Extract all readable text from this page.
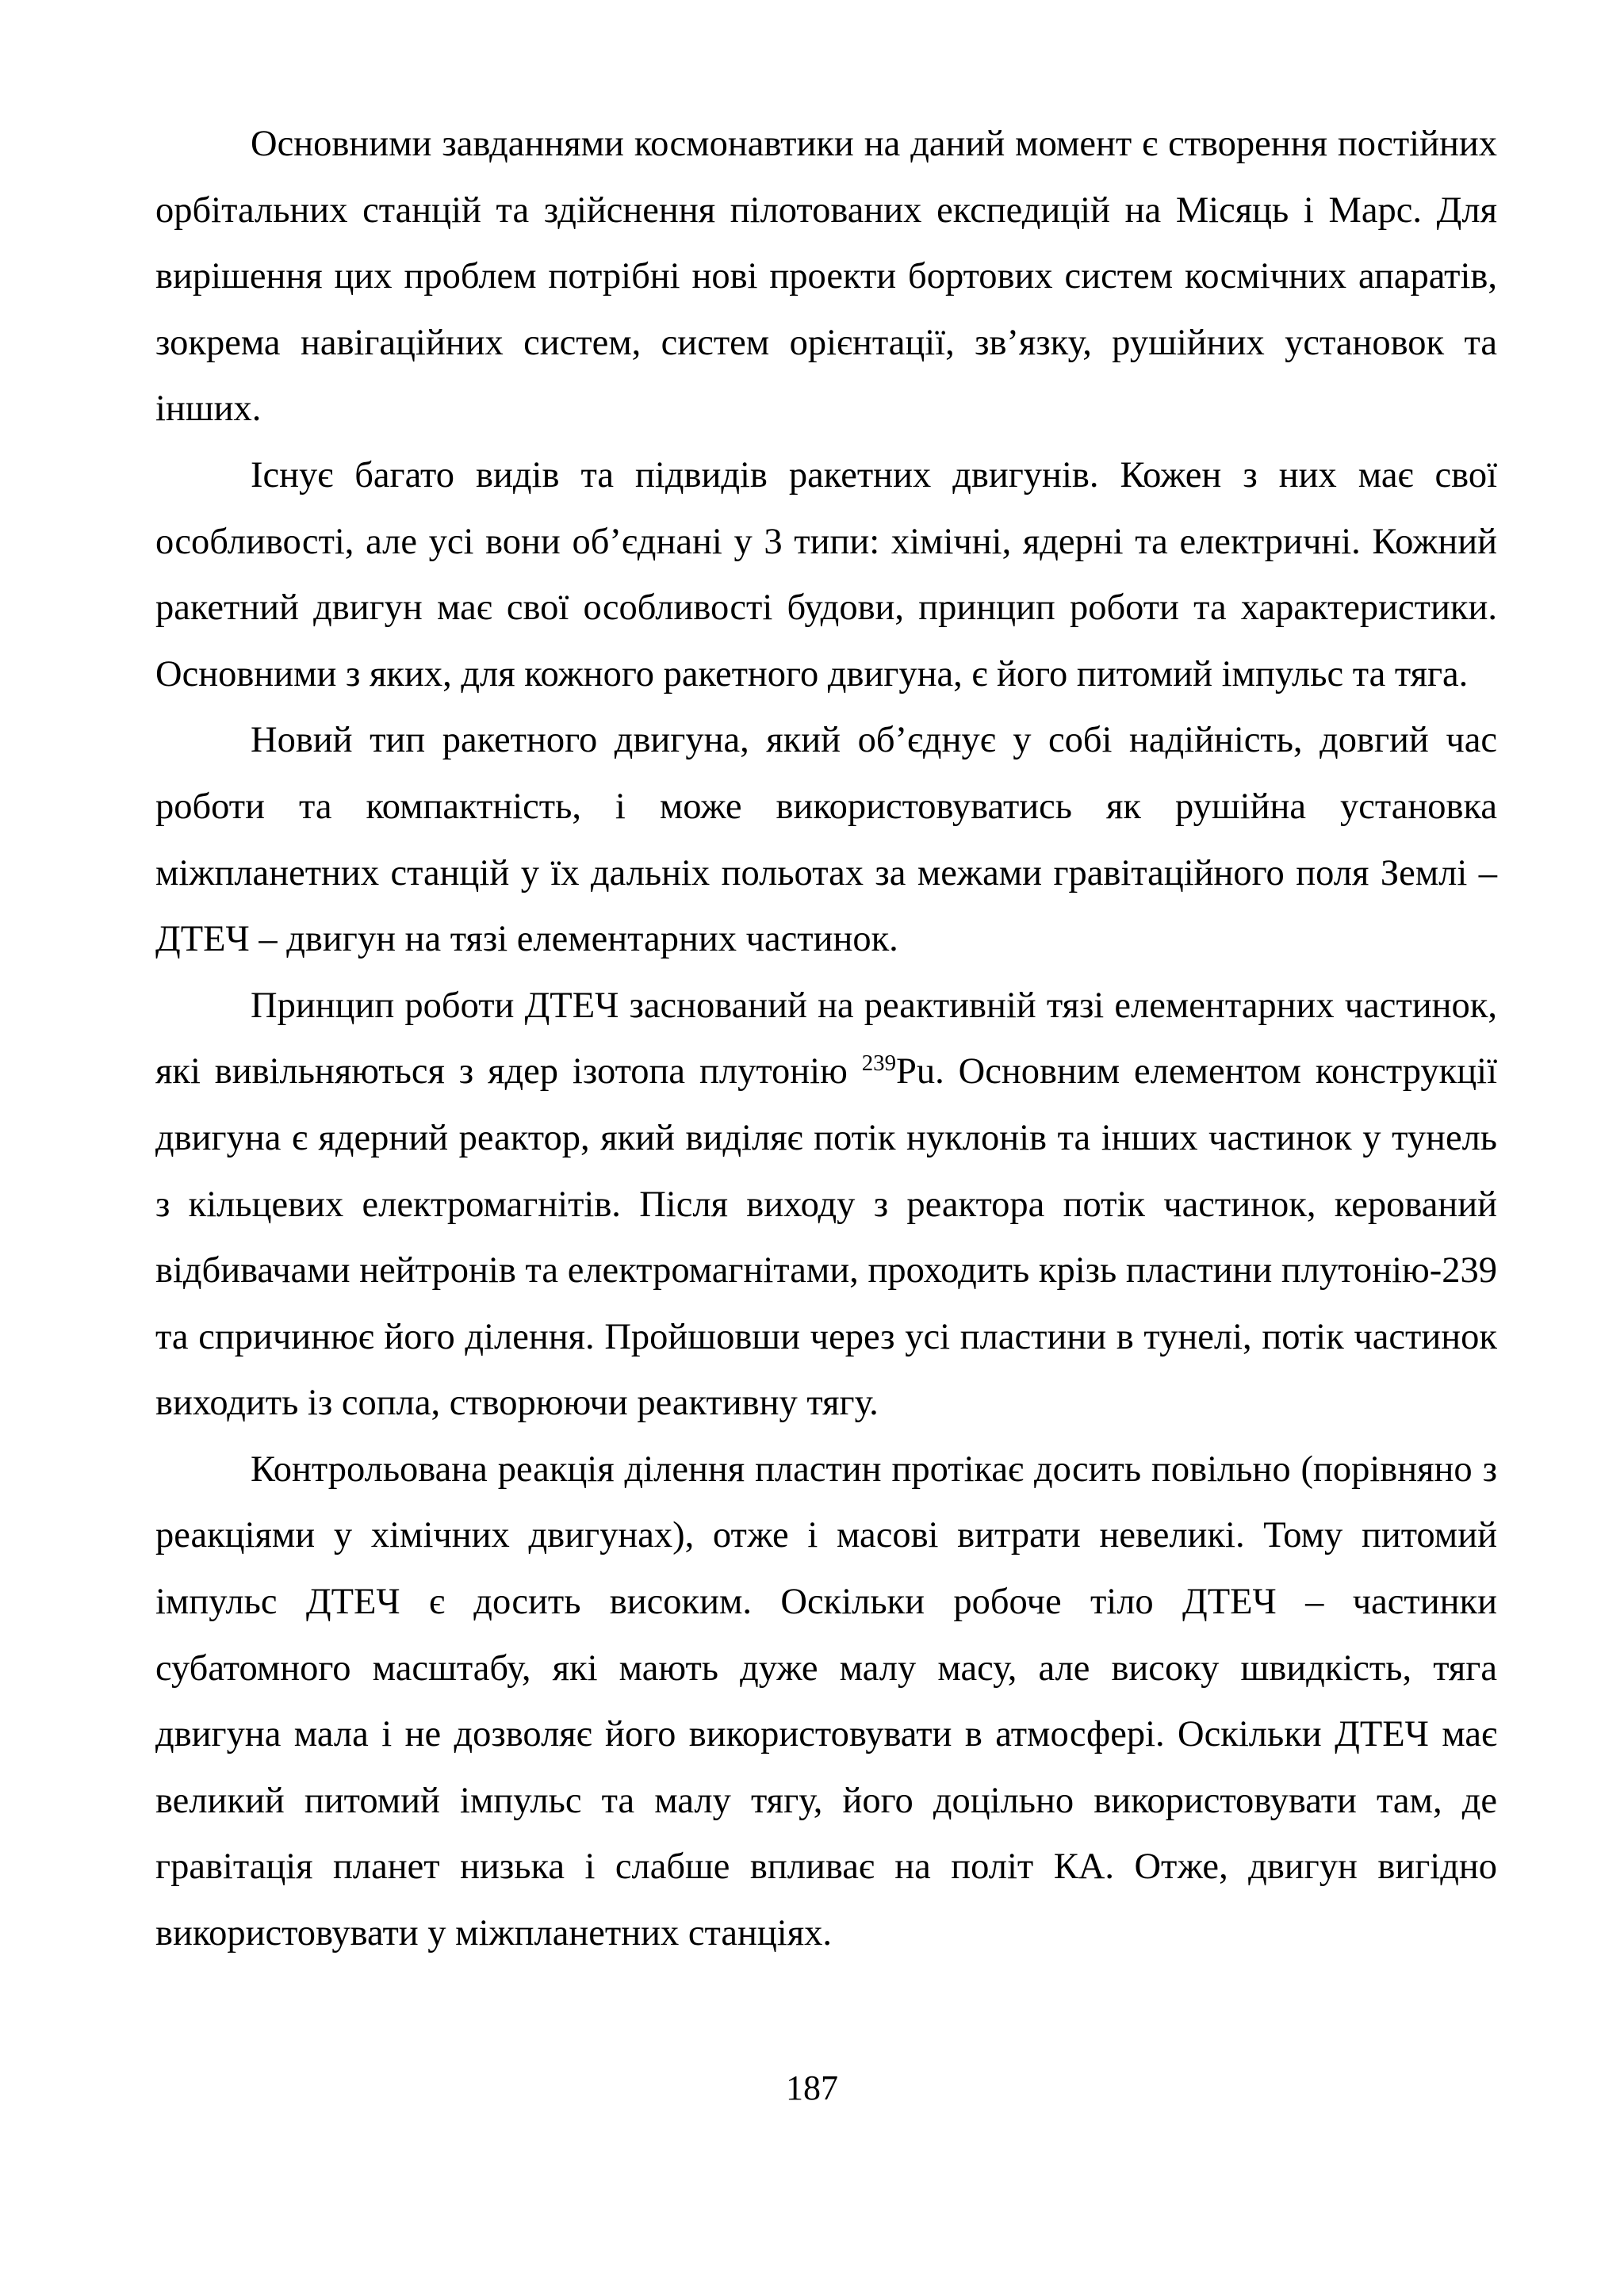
Основними завданнями космонавтики на даний момент є створення постійних орбітальних станцій та здійснення пілотованих експедицій на Місяць і Марс. Для вирішення цих проблем потрібні нові проекти бортових систем космічних апаратів, зокрема навігаційних систем, систем орієнтації, зв’язку, рушійних установок та інших.

Існує багато видів та підвидів ракетних двигунів. Кожен з них має свої особливості, але усі вони об’єднані у 3 типи: хімічні, ядерні та електричні. Кожний ракетний двигун має свої особливості будови, принцип роботи та характеристики. Основними з яких, для кожного ракетного двигуна, є його питомий імпульс та тяга.

Новий тип ракетного двигуна, який об’єднує у собі надійність, довгий час роботи та компактність, і може використовуватись як рушійна установка міжпланетних станцій у їх дальніх польотах за межами гравітаційного поля Землі – ДТЕЧ – двигун на тязі елементарних частинок.

Принцип роботи ДТЕЧ заснований на реактивній тязі елементарних частинок, які вивільняються з ядер ізотопа плутонію $^{239}$Pu. Основним елементом конструкції двигуна є ядерний реактор, який виділяє потік нуклонів та інших частинок у тунель з кільцевих електромагнітів. Після виходу з реактора потік частинок, керований відбивачами нейтронів та електромагнітами, проходить крізь пластини плутонію-239 та спричинює його ділення. Пройшовши через усі пластини в тунелі, потік частинок виходить із сопла, створюючи реактивну тягу.

Контрольована реакція ділення пластин протікає досить повільно (порівняно з реакціями у хімічних двигунах), отже і масові витрати невеликі. Тому питомий імпульс ДТЕЧ є досить високим. Оскільки робоче тіло ДТЕЧ – частинки субатомного масштабу, які мають дуже малу масу, але високу швидкість, тяга двигуна мала і не дозволяє його використовувати в атмосфері. Оскільки ДТЕЧ має великий питомий імпульс та малу тягу, його доцільно використовувати там, де гравітація планет низька і слабше впливає на політ КА. Отже, двигун вигідно використовувати у міжпланетних станціях.

187
